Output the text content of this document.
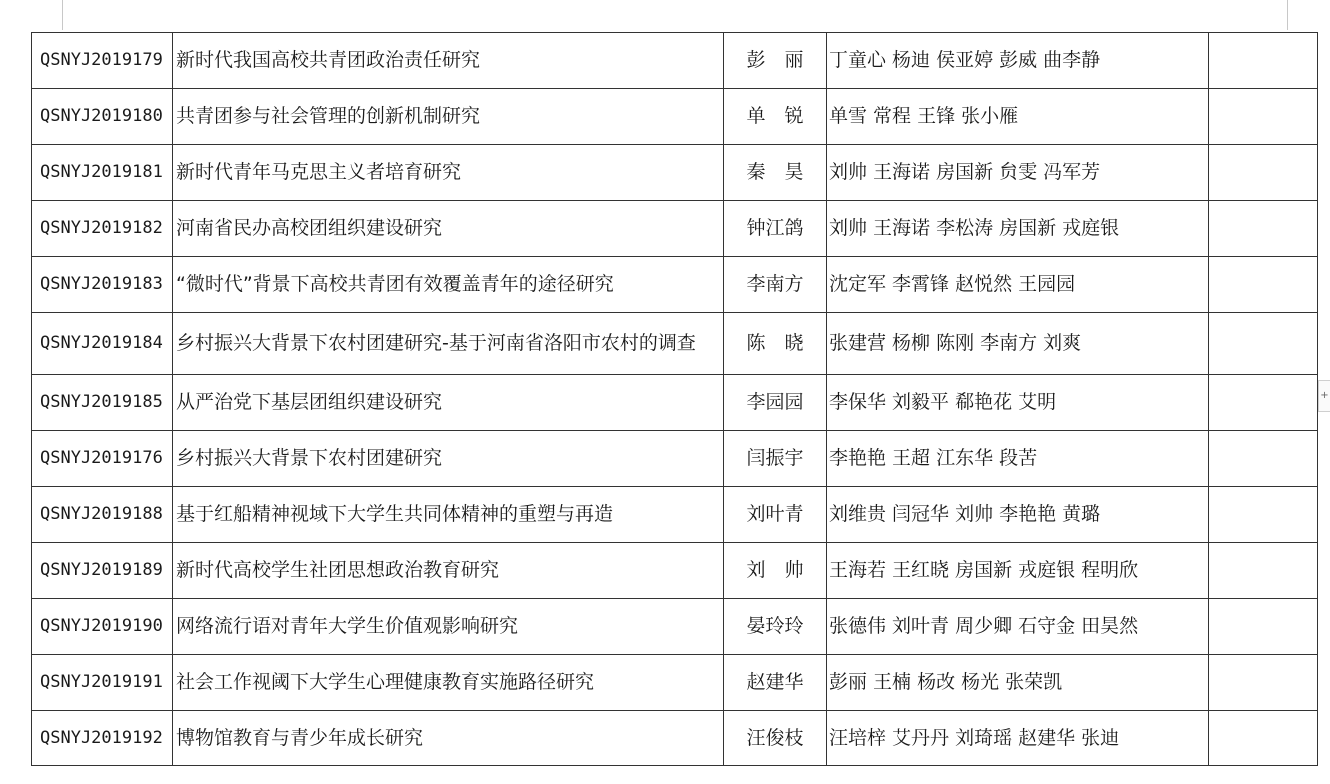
QSNYJ2019179	新时代我国高校共青团政治责任研究	彭　丽	丁童心 杨迪 侯亚婷 彭威 曲李静	
QSNYJ2019180	共青团参与社会管理的创新机制研究	单　锐	单雪 常程 王锋 张小雁	
QSNYJ2019181	新时代青年马克思主义者培育研究	秦　昊	刘帅 王海诺 房国新 贠雯 冯军芳	
QSNYJ2019182	河南省民办高校团组织建设研究	钟江鸽	刘帅 王海诺 李松涛 房国新 戎庭银	
QSNYJ2019183	“微时代”背景下高校共青团有效覆盖青年的途径研究	李南方	沈定军 李霄锋 赵悦然 王园园	
QSNYJ2019184	乡村振兴大背景下农村团建研究-基于河南省洛阳市农村的调查	陈　晓	张建营 杨柳 陈刚 李南方 刘爽	
QSNYJ2019185	从严治党下基层团组织建设研究	李园园	李保华 刘毅平 郗艳花 艾明	
QSNYJ2019176	乡村振兴大背景下农村团建研究	闫振宇	李艳艳 王超 江东华 段苦	
QSNYJ2019188	基于红船精神视域下大学生共同体精神的重塑与再造	刘叶青	刘维贵 闫冠华 刘帅 李艳艳 黄璐	
QSNYJ2019189	新时代高校学生社团思想政治教育研究	刘　帅	王海若 王红晓 房国新 戎庭银 程明欣	
QSNYJ2019190	网络流行语对青年大学生价值观影响研究	晏玲玲	张德伟 刘叶青 周少卿 石守金 田昊然	
QSNYJ2019191	社会工作视阈下大学生心理健康教育实施路径研究	赵建华	彭丽 王楠 杨改 杨光 张荣凯	
QSNYJ2019192	博物馆教育与青少年成长研究	汪俊枝	汪培梓 艾丹丹 刘琦瑶 赵建华 张迪	
+
